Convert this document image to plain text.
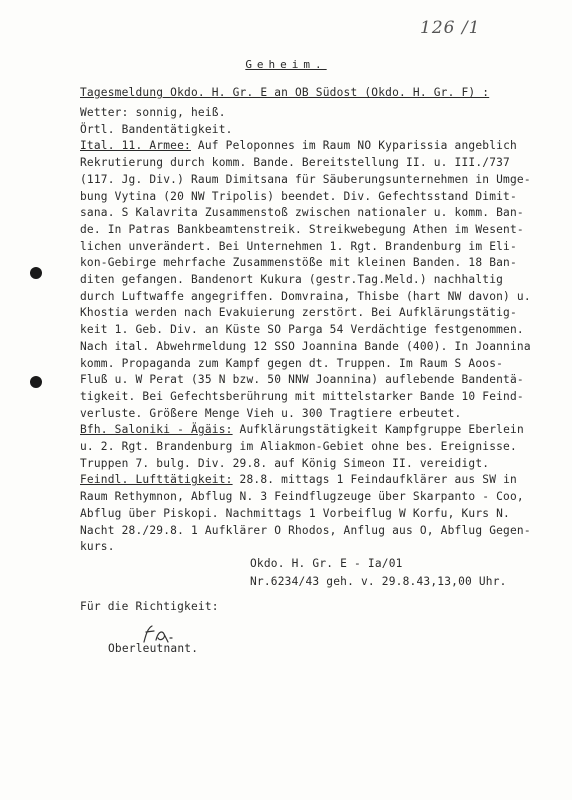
126 /1
Geheim.
Tagesmeldung Okdo. H. Gr. E an OB Südost (Okdo. H. Gr. F) :
Wetter: sonnig, heiß.
Örtl. Bandentätigkeit.
Ital. 11. Armee: Auf Peloponnes im Raum NO Kyparissia angeblich
Rekrutierung durch komm. Bande. Bereitstellung II. u. III./737
(117. Jg. Div.) Raum Dimitsana für Säuberungsunternehmen in Umge-
bung Vytina (20 NW Tripolis) beendet. Div. Gefechtsstand Dimit-
sana. S Kalavrita Zusammenstoß zwischen nationaler u. komm. Ban-
de. In Patras Bankbeamtenstreik. Streikwebegung Athen im Wesent-
lichen unverändert. Bei Unternehmen 1. Rgt. Brandenburg im Eli-
kon-Gebirge mehrfache Zusammenstöße mit kleinen Banden. 18 Ban-
diten gefangen. Bandenort Kukura (gestr.Tag.Meld.) nachhaltig
durch Luftwaffe angegriffen. Domvraina, Thisbe (hart NW davon) u.
Khostia werden nach Evakuierung zerstört. Bei Aufklärungstätig-
keit 1. Geb. Div. an Küste SO Parga 54 Verdächtige festgenommen.
Nach ital. Abwehrmeldung 12 SSO Joannina Bande (400). In Joannina
komm. Propaganda zum Kampf gegen dt. Truppen. Im Raum S Aoos-
Fluß u. W Perat (35 N bzw. 50 NNW Joannina) auflebende Bandentä-
tigkeit. Bei Gefechtsberührung mit mittelstarker Bande 10 Feind-
verluste. Größere Menge Vieh u. 300 Tragtiere erbeutet.
Bfh. Saloniki - Ägäis: Aufklärungstätigkeit Kampfgruppe Eberlein
u. 2. Rgt. Brandenburg im Aliakmon-Gebiet ohne bes. Ereignisse.
Truppen 7. bulg. Div. 29.8. auf König Simeon II. vereidigt.
Feindl. Lufttätigkeit: 28.8. mittags 1 Feindaufklärer aus SW in
Raum Rethymnon, Abflug N. 3 Feindflugzeuge über Skarpanto - Coo,
Abflug über Piskopi. Nachmittags 1 Vorbeiflug W Korfu, Kurs N.
Nacht 28./29.8. 1 Aufklärer O Rhodos, Anflug aus O, Abflug Gegen-
kurs.
Okdo. H. Gr. E - Ia/01
Nr.6234/43 geh. v. 29.8.43,13,00 Uhr.
Für die Richtigkeit:
Oberleutnant.
